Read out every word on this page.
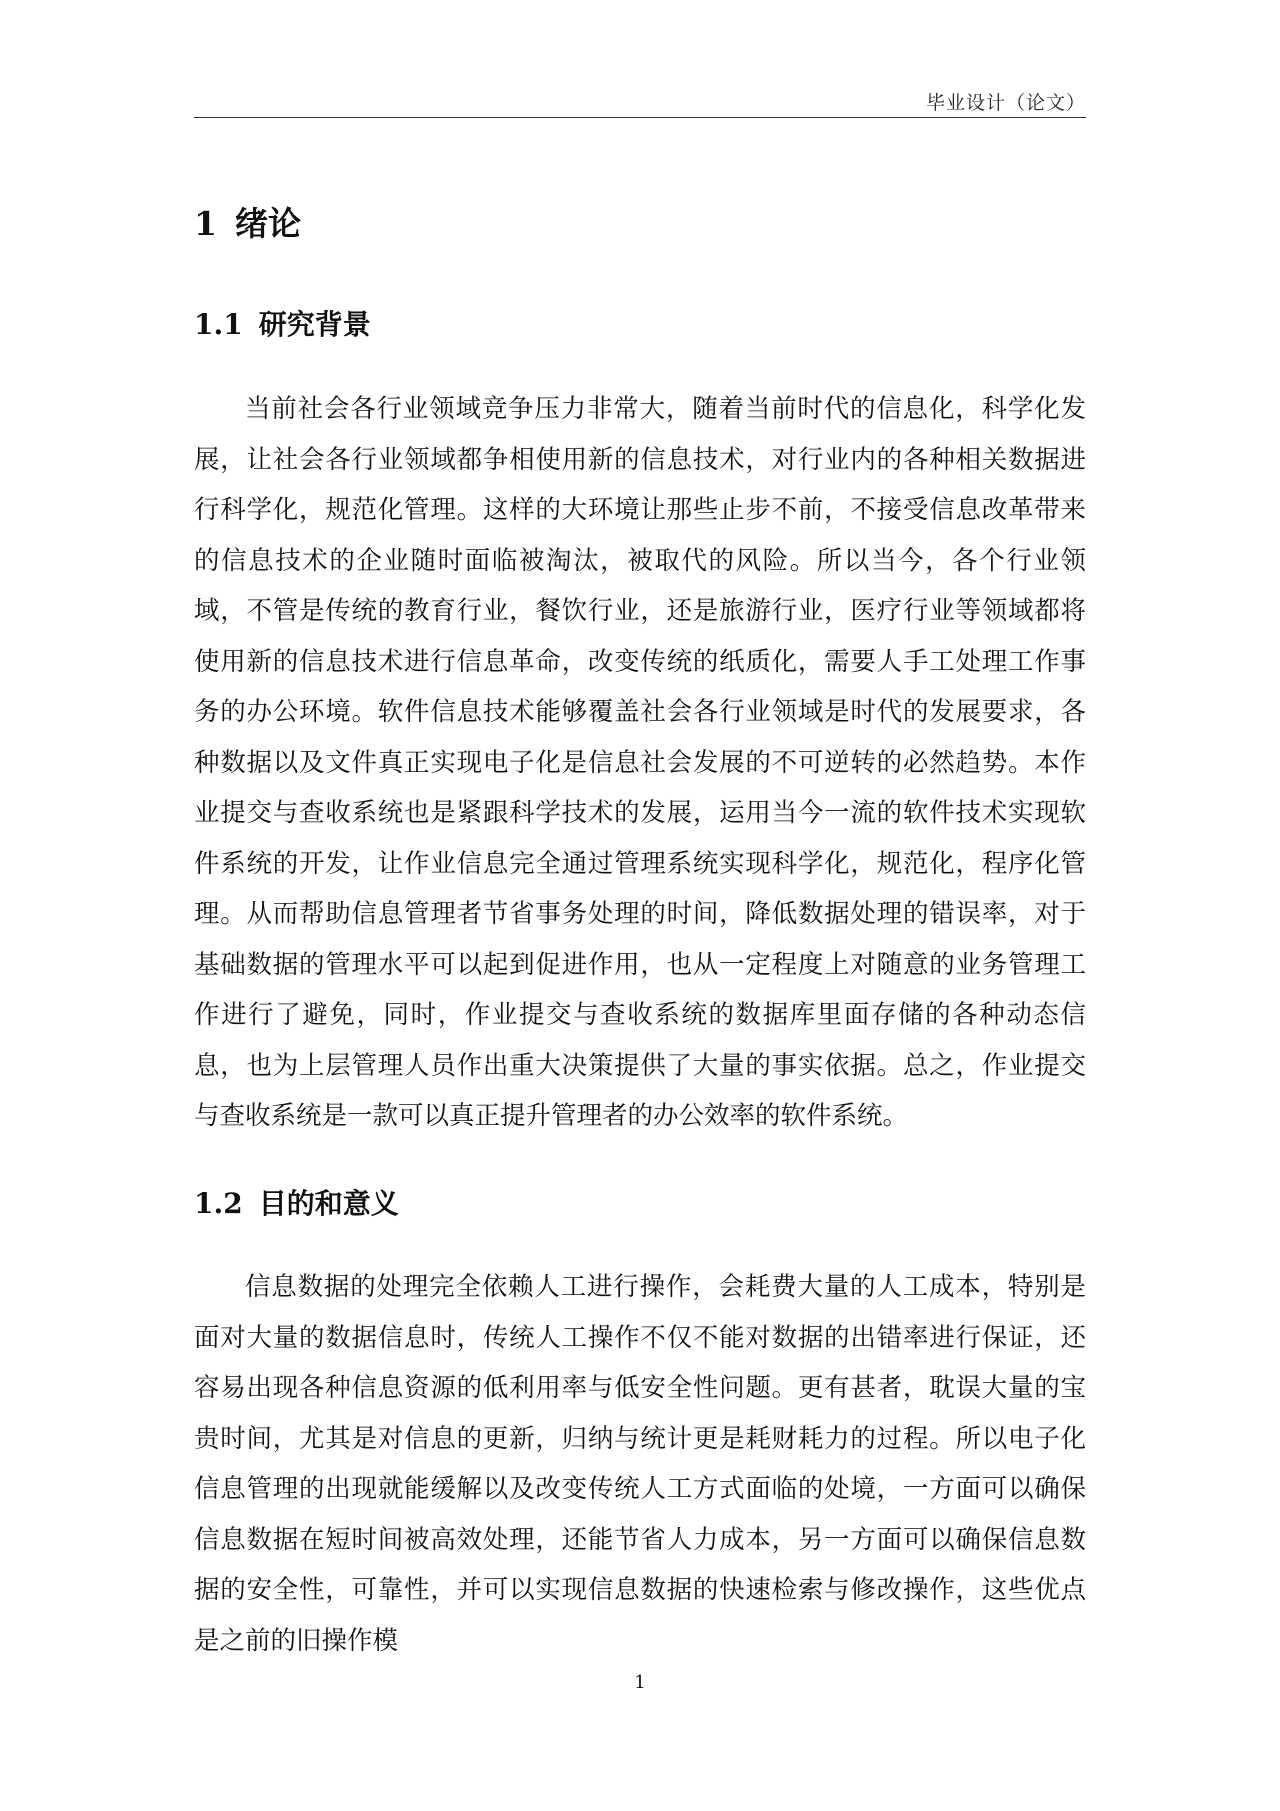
毕业设计（论文）
1 绪论
1.1 研究背景

当前社会各行业领域竞争压力非常大，随着当前时代的信息化，科学化发展，让社会各行业领域都争相使用新的信息技术，对行业内的各种相关数据进行科学化，规范化管理。这样的大环境让那些止步不前，不接受信息改革带来的信息技术的企业随时面临被淘汰，被取代的风险。所以当今，各个行业领域，不管是传统的教育行业，餐饮行业，还是旅游行业，医疗行业等领域都将使用新的信息技术进行信息革命，改变传统的纸质化，需要人手工处理工作事务的办公环境。软件信息技术能够覆盖社会各行业领域是时代的发展要求，各种数据以及文件真正实现电子化是信息社会发展的不可逆转的必然趋势。本作业提交与查收系统也是紧跟科学技术的发展，运用当今一流的软件技术实现软件系统的开发，让作业信息完全通过管理系统实现科学化，规范化，程序化管理。从而帮助信息管理者节省事务处理的时间，降低数据处理的错误率，对于基础数据的管理水平可以起到促进作用，也从一定程度上对随意的业务管理工作进行了避免，同时，作业提交与查收系统的数据库里面存储的各种动态信息，也为上层管理人员作出重大决策提供了大量的事实依据。总之，作业提交与查收系统是一款可以真正提升管理者的办公效率的软件系统。

1.2 目的和意义

信息数据的处理完全依赖人工进行操作，会耗费大量的人工成本，特别是面对大量的数据信息时，传统人工操作不仅不能对数据的出错率进行保证，还容易出现各种信息资源的低利用率与低安全性问题。更有甚者，耽误大量的宝贵时间，尤其是对信息的更新，归纳与统计更是耗财耗力的过程。所以电子化信息管理的出现就能缓解以及改变传统人工方式面临的处境，一方面可以确保信息数据在短时间被高效处理，还能节省人力成本，另一方面可以确保信息数据的安全性，可靠性，并可以实现信息数据的快速检索与修改操作，这些优点是之前的旧操作模

1
